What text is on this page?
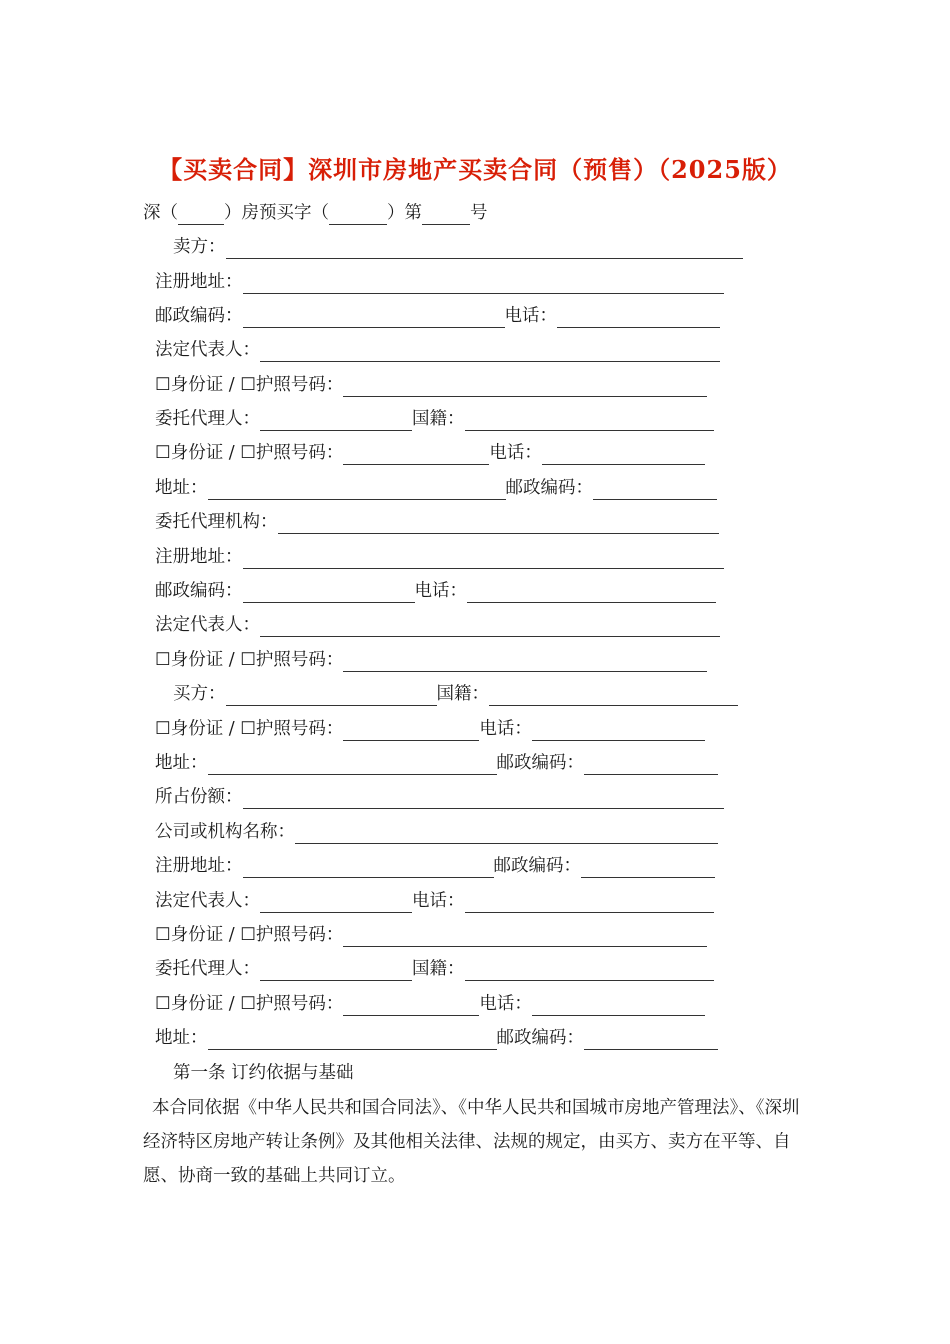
【买卖合同】深圳市房地产买卖合同（预售）（2025版）
深（	）房预买字（	）第	号
卖方：
注册地址：
邮政编码：	电话：
法定代表人：
☐身份证 / ☐护照号码：
委托代理人：	国籍：
☐身份证 / ☐护照号码：	电话：
地址：	邮政编码：
委托代理机构：
注册地址：
邮政编码：	电话：
法定代表人：
☐身份证 / ☐护照号码：
买方：	国籍：
☐身份证 / ☐护照号码：	电话：
地址：	邮政编码：
所占份额：
公司或机构名称：
注册地址：	邮政编码：
法定代表人：	电话：
☐身份证 / ☐护照号码：
委托代理人：	国籍：
☐身份证 / ☐护照号码：	电话：
地址：	邮政编码：
第一条 订约依据与基础
本合同依据《中华人民共和国合同法》、《中华人民共和国城市房地产管理法》、《深圳经济特区房地产转让条例》及其他相关法律、法规的规定，由买方、卖方在平等、自愿、协商一致的基础上共同订立。
